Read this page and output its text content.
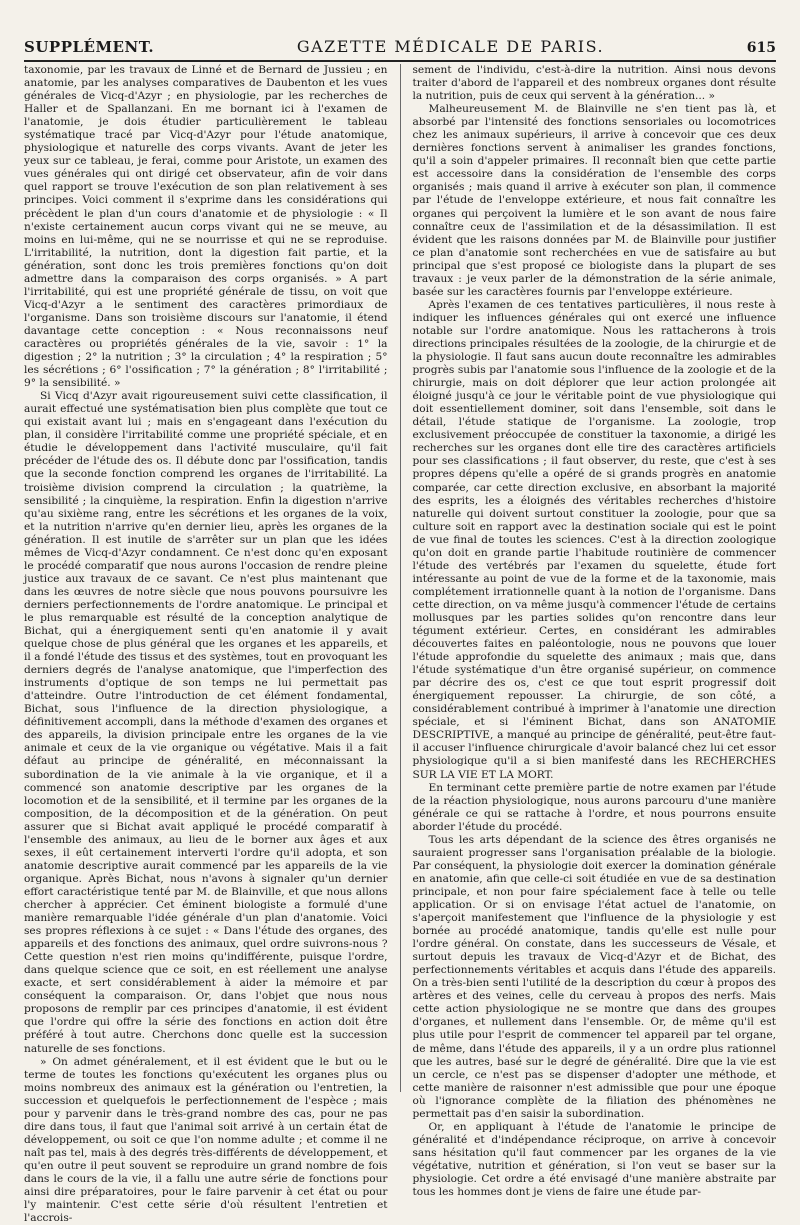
SUPPLÉMENT.	GAZETTE MÉDICALE DE PARIS.	615

taxonomie, par les travaux de Linné et de Bernard de Jussieu ; en anatomie, par les analyses comparatives de Daubenton et les vues générales de Vicq-d'Azyr ; en physiologie, par les recherches de Haller et de Spallanzani. En me bornant ici à l'examen de l'anatomie, je dois étudier particulièrement le tableau systématique tracé par Vicq-d'Azyr pour l'étude anatomique, physiologique et naturelle des corps vivants. Avant de jeter les yeux sur ce tableau, je ferai, comme pour Aristote, un examen des vues générales qui ont dirigé cet observateur, afin de voir dans quel rapport se trouve l'exécution de son plan relativement à ses principes. Voici comment il s'exprime dans les considérations qui précèdent le plan d'un cours d'anatomie et de physiologie : « Il n'existe certainement aucun corps vivant qui ne se meuve, au moins en lui-même, qui ne se nourrisse et qui ne se reproduise. L'irritabilité, la nutrition, dont la digestion fait partie, et la génération, sont donc les trois premières fonctions qu'on doit admettre dans la comparaison des corps organisés. » A part l'irritabilité, qui est une propriété générale de tissu, on voit que Vicq-d'Azyr a le sentiment des caractères primordiaux de l'organisme. Dans son troisième discours sur l'anatomie, il étend davantage cette conception : « Nous reconnaissons neuf caractères ou propriétés générales de la vie, savoir : 1° la digestion ; 2° la nutrition ; 3° la circulation ; 4° la respiration ; 5° les sécrétions ; 6° l'ossification ; 7° la génération ; 8° l'irritabilité ; 9° la sensibilité. »

Si Vicq d'Azyr avait rigoureusement suivi cette classification, il aurait effectué une systématisation bien plus complète que tout ce qui existait avant lui ; mais en s'engageant dans l'exécution du plan, il considère l'irritabilité comme une propriété spéciale, et en étudie le développement dans l'activité musculaire, qu'il fait précéder de l'étude des os. Il débute donc par l'ossification, tandis que la seconde fonction comprend les organes de l'irritabilité. La troisième division comprend la circulation ; la quatrième, la sensibilité ; la cinquième, la respiration. Enfin la digestion n'arrive qu'au sixième rang, entre les sécrétions et les organes de la voix, et la nutrition n'arrive qu'en dernier lieu, après les organes de la génération. Il est inutile de s'arrêter sur un plan que les idées mêmes de Vicq-d'Azyr condamnent. Ce n'est donc qu'en exposant le procédé comparatif que nous aurons l'occasion de rendre pleine justice aux travaux de ce savant. Ce n'est plus maintenant que dans les œuvres de notre siècle que nous pouvons poursuivre les derniers perfectionnements de l'ordre anatomique. Le principal et le plus remarquable est résulté de la conception analytique de Bichat, qui a énergiquement senti qu'en anatomie il y avait quelque chose de plus général que les organes et les appareils, et il a fondé l'étude des tissus et des systèmes, tout en provoquant les derniers degrés de l'analyse anatomique, que l'imperfection des instruments d'optique de son temps ne lui permettait pas d'atteindre. Outre l'introduction de cet élément fondamental, Bichat, sous l'influence de la direction physiologique, a définitivement accompli, dans la méthode d'examen des organes et des appareils, la division principale entre les organes de la vie animale et ceux de la vie organique ou végétative. Mais il a fait défaut au principe de généralité, en méconnaissant la subordination de la vie animale à la vie organique, et il a commencé son anatomie descriptive par les organes de la locomotion et de la sensibilité, et il termine par les organes de la composition, de la décomposition et de la génération. On peut assurer que si Bichat avait appliqué le procédé comparatif à l'ensemble des animaux, au lieu de le borner aux âges et aux sexes, il eût certainement interverti l'ordre qu'il adopta, et son anatomie descriptive aurait commencé par les appareils de la vie organique. Après Bichat, nous n'avons à signaler qu'un dernier effort caractéristique tenté par M. de Blainville, et que nous allons chercher à apprécier. Cet éminent biologiste a formulé d'une manière remarquable l'idée générale d'un plan d'anatomie. Voici ses propres réflexions à ce sujet : « Dans l'étude des organes, des appareils et des fonctions des animaux, quel ordre suivrons-nous ? Cette question n'est rien moins qu'indifférente, puisque l'ordre, dans quelque science que ce soit, en est réellement une analyse exacte, et sert considérablement à aider la mémoire et par conséquent la comparaison. Or, dans l'objet que nous nous proposons de remplir par ces principes d'anatomie, il est évident que l'ordre qui offre la série des fonctions en action doit être préféré à tout autre. Cherchons donc quelle est la succession naturelle de ses fonctions.

» On admet généralement, et il est évident que le but ou le terme de toutes les fonctions qu'exécutent les organes plus ou moins nombreux des animaux est la génération ou l'entretien, la succession et quelquefois le perfectionnement de l'espèce ; mais pour y parvenir dans le très-grand nombre des cas, pour ne pas dire dans tous, il faut que l'animal soit arrivé à un certain état de développement, ou soit ce que l'on nomme adulte ; et comme il ne naît pas tel, mais à des degrés très-différents de développement, et qu'en outre il peut souvent se reproduire un grand nombre de fois dans le cours de la vie, il a fallu une autre série de fonctions pour ainsi dire préparatoires, pour le faire parvenir à cet état ou pour l'y maintenir. C'est cette série d'où résultent l'entretien et l'accrois-

sement de l'individu, c'est-à-dire la nutrition. Ainsi nous devons traiter d'abord de l'appareil et des nombreux organes dont résulte la nutrition, puis de ceux qui servent à la génération... »

Malheureusement M. de Blainville ne s'en tient pas là, et absorbé par l'intensité des fonctions sensoriales ou locomotrices chez les animaux supérieurs, il arrive à concevoir que ces deux dernières fonctions servent à animaliser les grandes fonctions, qu'il a soin d'appeler primaires. Il reconnaît bien que cette partie est accessoire dans la considération de l'ensemble des corps organisés ; mais quand il arrive à exécuter son plan, il commence par l'étude de l'enveloppe extérieure, et nous fait connaître les organes qui perçoivent la lumière et le son avant de nous faire connaître ceux de l'assimilation et de la désassimilation. Il est évident que les raisons données par M. de Blainville pour justifier ce plan d'anatomie sont recherchées en vue de satisfaire au but principal que s'est proposé ce biologiste dans la plupart de ses travaux : je veux parler de la démonstration de la série animale, basée sur les caractères fournis par l'enveloppe extérieure.

Après l'examen de ces tentatives particulières, il nous reste à indiquer les influences générales qui ont exercé une influence notable sur l'ordre anatomique. Nous les rattacherons à trois directions principales résultées de la zoologie, de la chirurgie et de la physiologie. Il faut sans aucun doute reconnaître les admirables progrès subis par l'anatomie sous l'influence de la zoologie et de la chirurgie, mais on doit déplorer que leur action prolongée ait éloigné jusqu'à ce jour le véritable point de vue physiologique qui doit essentiellement dominer, soit dans l'ensemble, soit dans le détail, l'étude statique de l'organisme. La zoologie, trop exclusivement préoccupée de constituer la taxonomie, a dirigé les recherches sur les organes dont elle tire des caractères artificiels pour ses classifications ; il faut observer, du reste, que c'est à ses propres dépens qu'elle a opéré de si grands progrès en anatomie comparée, car cette direction exclusive, en absorbant la majorité des esprits, les a éloignés des véritables recherches d'histoire naturelle qui doivent surtout constituer la zoologie, pour que sa culture soit en rapport avec la destination sociale qui est le point de vue final de toutes les sciences. C'est à la direction zoologique qu'on doit en grande partie l'habitude routinière de commencer l'étude des vertébrés par l'examen du squelette, étude fort intéressante au point de vue de la forme et de la taxonomie, mais complétement irrationnelle quant à la notion de l'organisme. Dans cette direction, on va même jusqu'à commencer l'étude de certains mollusques par les parties solides qu'on rencontre dans leur tégument extérieur. Certes, en considérant les admirables découvertes faites en paléontologie, nous ne pouvons que louer l'étude approfondie du squelette des animaux ; mais que, dans l'étude systématique d'un être organisé supérieur, on commence par décrire des os, c'est ce que tout esprit progressif doit énergiquement repousser. La chirurgie, de son côté, a considérablement contribué à imprimer à l'anatomie une direction spéciale, et si l'éminent Bichat, dans son ANATOMIE DESCRIPTIVE, a manqué au principe de généralité, peut-être faut-il accuser l'influence chirurgicale d'avoir balancé chez lui cet essor physiologique qu'il a si bien manifesté dans les RECHERCHES SUR LA VIE ET LA MORT.

En terminant cette première partie de notre examen par l'étude de la réaction physiologique, nous aurons parcouru d'une manière générale ce qui se rattache à l'ordre, et nous pourrons ensuite aborder l'étude du procédé.

Tous les arts dépendant de la science des êtres organisés ne sauraient progresser sans l'organisation préalable de la biologie. Par conséquent, la physiologie doit exercer la domination générale en anatomie, afin que celle-ci soit étudiée en vue de sa destination principale, et non pour faire spécialement face à telle ou telle application. Or si on envisage l'état actuel de l'anatomie, on s'aperçoit manifestement que l'influence de la physiologie y est bornée au procédé anatomique, tandis qu'elle est nulle pour l'ordre général. On constate, dans les successeurs de Vésale, et surtout depuis les travaux de Vicq-d'Azyr et de Bichat, des perfectionnements véritables et acquis dans l'étude des appareils. On a très-bien senti l'utilité de la description du cœur à propos des artères et des veines, celle du cerveau à propos des nerfs. Mais cette action physiologique ne se montre que dans des groupes d'organes, et nullement dans l'ensemble. Or, de même qu'il est plus utile pour l'esprit de commencer tel appareil par tel organe, de même, dans l'étude des appareils, il y a un ordre plus rationnel que les autres, basé sur le degré de généralité. Dire que la vie est un cercle, ce n'est pas se dispenser d'adopter une méthode, et cette manière de raisonner n'est admissible que pour une époque où l'ignorance complète de la filiation des phénomènes ne permettait pas d'en saisir la subordination.

Or, en appliquant à l'étude de l'anatomie le principe de généralité et d'indépendance réciproque, on arrive à concevoir sans hésitation qu'il faut commencer par les organes de la vie végétative, nutrition et génération, si l'on veut se baser sur la physiologie. Cet ordre a été envisagé d'une manière abstraite par tous les hommes dont je viens de faire une étude par-
